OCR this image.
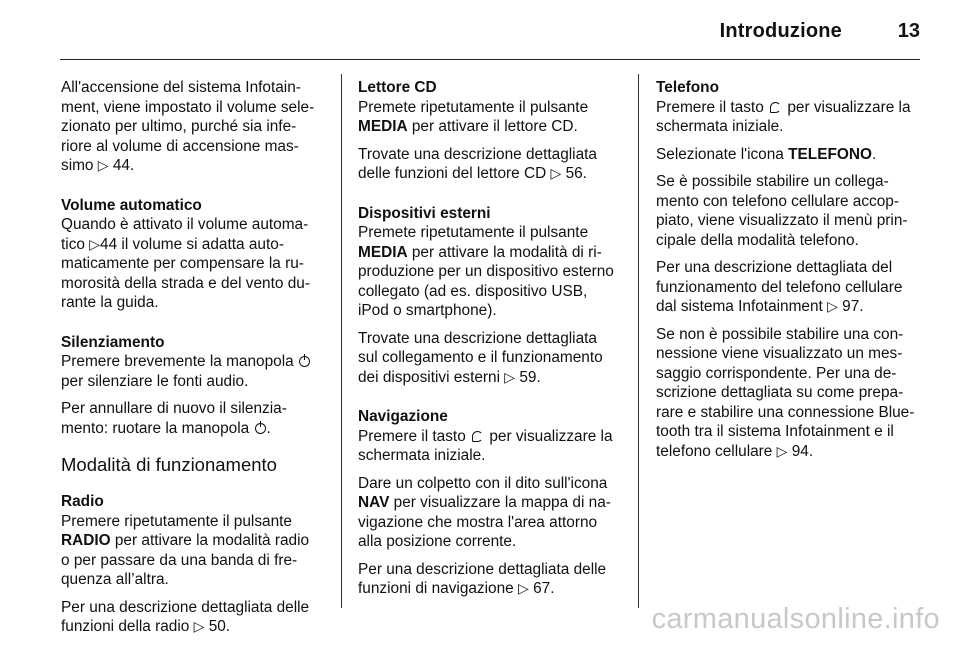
Introduzione	13

All'accensione del sistema Infotain-
ment, viene impostato il volume sele-
zionato per ultimo, purché sia infe-
riore al volume di accensione mas-
simo ▷ 44.

Volume automatico
Quando è attivato il volume automa-
tico ▷44 il volume si adatta auto-
maticamente per compensare la ru-
morosità della strada e del vento du-
rante la guida.

Silenziamento
Premere brevemente la manopola
per silenziare le fonti audio.

Per annullare di nuovo il silenzia-
mento: ruotare la manopola .

Modalità di funzionamento

Radio
Premere ripetutamente il pulsante
RADIO per attivare la modalità radio
o per passare da una banda di fre-
quenza all’altra.

Per una descrizione dettagliata delle
funzioni della radio ▷ 50.

Lettore CD
Premete ripetutamente il pulsante
MEDIA per attivare il lettore CD.

Trovate una descrizione dettagliata
delle funzioni del lettore CD ▷ 56.

Dispositivi esterni
Premete ripetutamente il pulsante
MEDIA per attivare la modalità di ri-
produzione per un dispositivo esterno
collegato (ad es. dispositivo USB,
iPod o smartphone).

Trovate una descrizione dettagliata
sul collegamento e il funzionamento
dei dispositivi esterni ▷ 59.

Navigazione
Premere il tasto  per visualizzare la
schermata iniziale.

Dare un colpetto con il dito sull'icona
NAV per visualizzare la mappa di na-
vigazione che mostra l'area attorno
alla posizione corrente.

Per una descrizione dettagliata delle
funzioni di navigazione ▷ 67.

Telefono
Premere il tasto  per visualizzare la
schermata iniziale.

Selezionate l'icona TELEFONO.

Se è possibile stabilire un collega-
mento con telefono cellulare accop-
piato, viene visualizzato il menù prin-
cipale della modalità telefono.

Per una descrizione dettagliata del
funzionamento del telefono cellulare
dal sistema Infotainment ▷ 97.

Se non è possibile stabilire una con-
nessione viene visualizzato un mes-
saggio corrispondente. Per una de-
scrizione dettagliata su come prepa-
rare e stabilire una connessione Blue-
tooth tra il sistema Infotainment e il
telefono cellulare ▷ 94.

carmanualsonline.info
